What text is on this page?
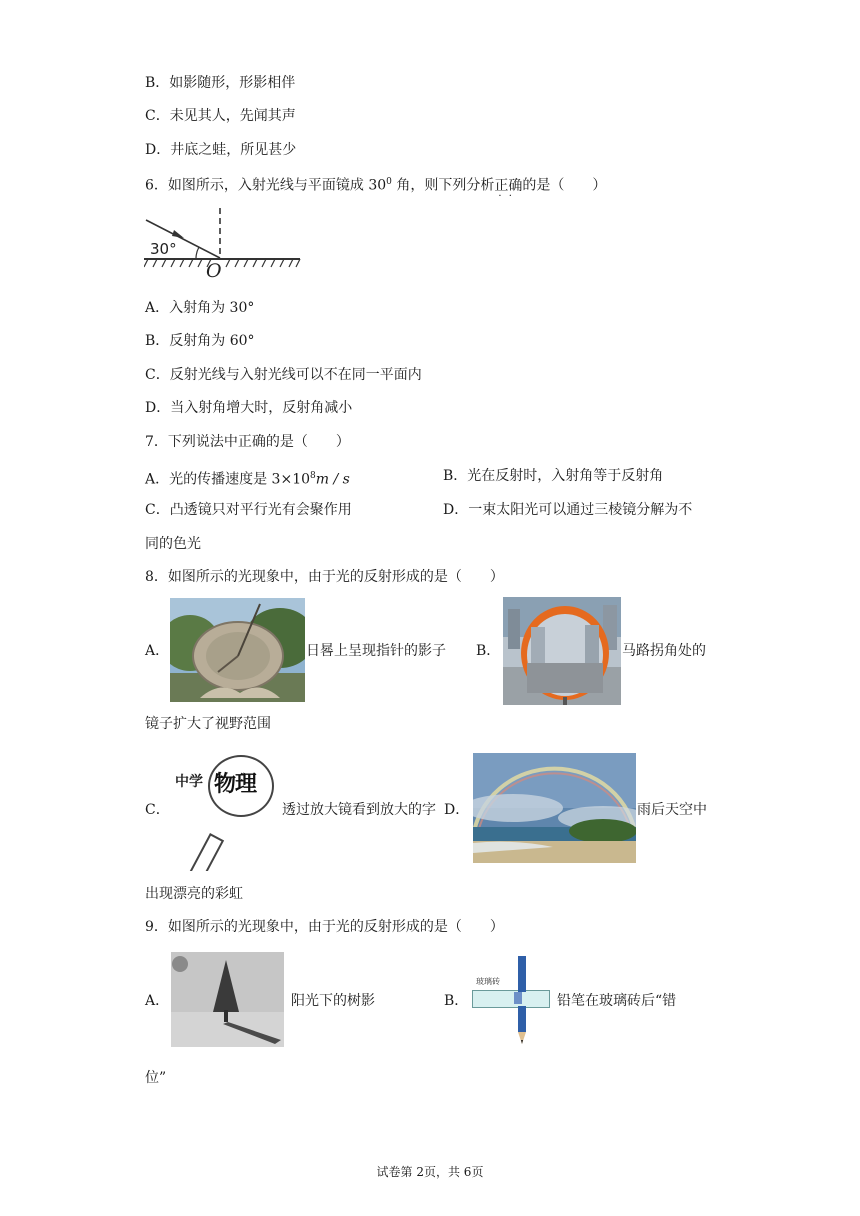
B．如影随形，形影相伴
C．未见其人，先闻其声
D．井底之蛙，所见甚少
6．如图所示，入射光线与平面镜成 $30^0$ 角，则下列分析正确 · ·的是（　　）
30°
O
A．入射角为 30°
B．反射角为 60°
C．反射光线与入射光线可以不在同一平面内
D．当入射角增大时，反射角减小
7．下列说法中正确的是（　　）
A．光的传播速度是 $3\times 10^8m / s$	B．光在反射时，入射角等于反射角
C．凸透镜只对平行光有会聚作用	D．一束太阳光可以通过三棱镜分解为不
同的色光
8．如图所示的光现象中，由于光的反射形成的是（　　）
A．	日晷上呈现指针的影子 B．	马路拐角处的
镜子扩大了视野范围
C．
中学 物理
透过放大镜看到放大的字 D．	雨后天空中
出现漂亮的彩虹
9．如图所示的光现象中，由于光的反射形成的是（　　）
A．	阳光下的树影	B．
玻璃砖
铅笔在玻璃砖后“错
位”
试卷第 2页，共 6页
